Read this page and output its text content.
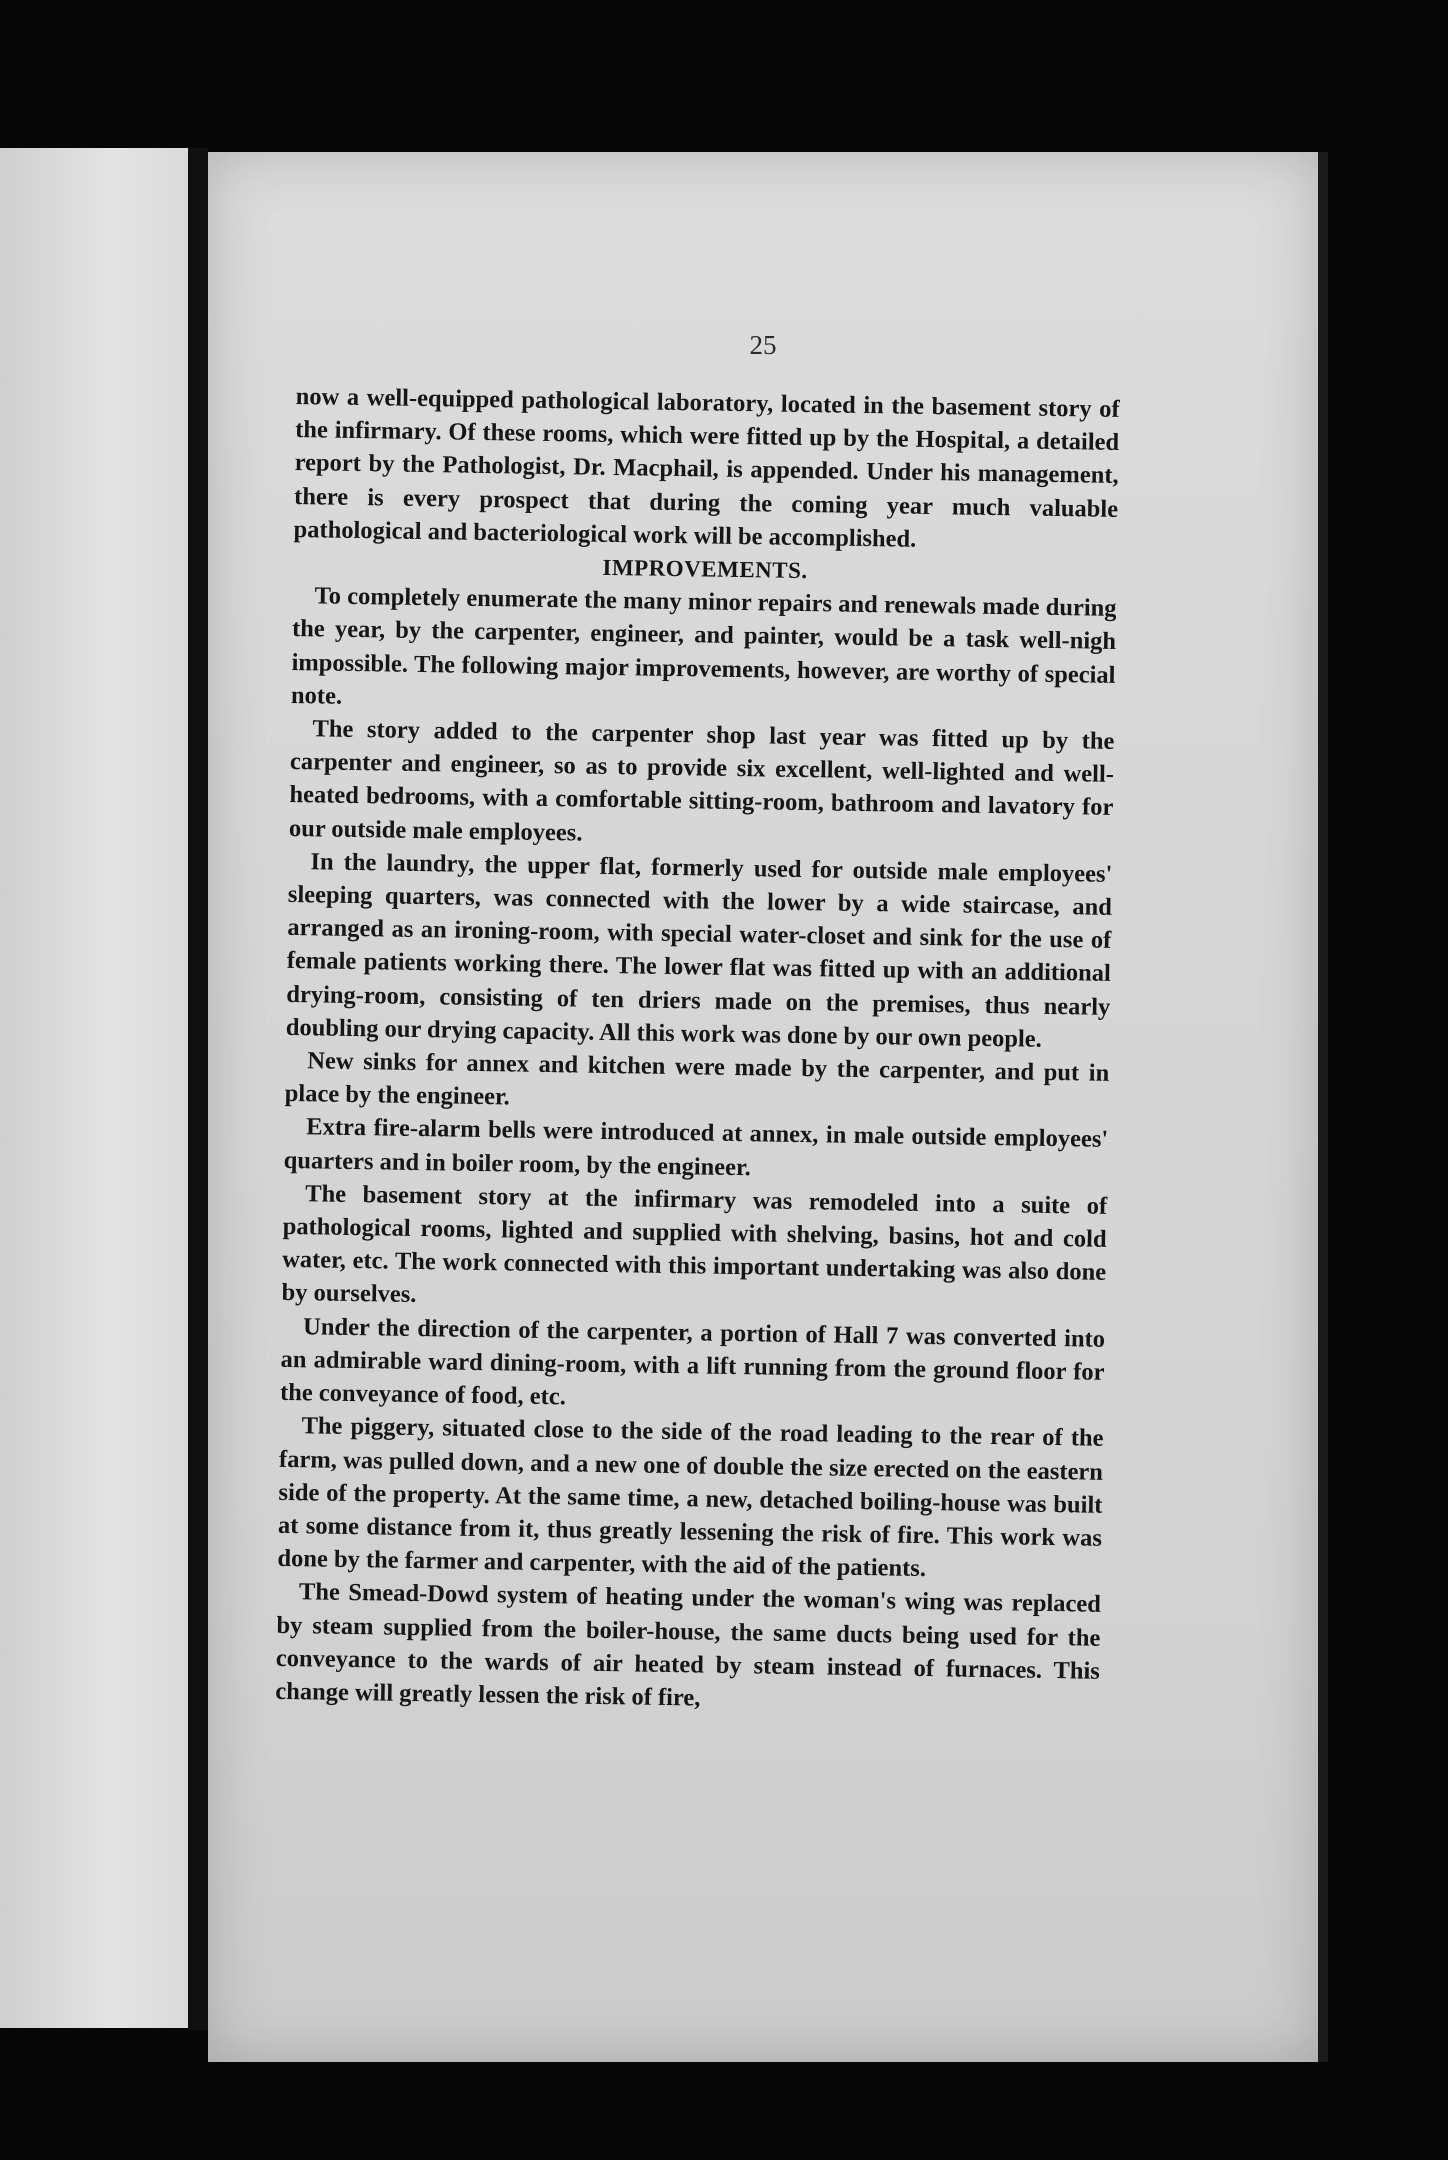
25

now a well-equipped pathological laboratory, located in the basement story of the infirmary. Of these rooms, which were fitted up by the Hospital, a detailed report by the Pathologist, Dr. Macphail, is appended. Under his management, there is every prospect that during the coming year much valuable pathological and bacteriological work will be accomplished.

IMPROVEMENTS.

To completely enumerate the many minor repairs and renewals made during the year, by the carpenter, engineer, and painter, would be a task well-nigh impossible. The following major improvements, however, are worthy of special note.

The story added to the carpenter shop last year was fitted up by the carpenter and engineer, so as to provide six excellent, well-lighted and well-heated bedrooms, with a comfortable sitting-room, bathroom and lavatory for our outside male employees.

In the laundry, the upper flat, formerly used for outside male employees' sleeping quarters, was connected with the lower by a wide staircase, and arranged as an ironing-room, with special water-closet and sink for the use of female patients working there. The lower flat was fitted up with an additional drying-room, consisting of ten driers made on the premises, thus nearly doubling our drying capacity. All this work was done by our own people.

New sinks for annex and kitchen were made by the carpenter, and put in place by the engineer.

Extra fire-alarm bells were introduced at annex, in male outside employees' quarters and in boiler room, by the engineer.

The basement story at the infirmary was remodeled into a suite of pathological rooms, lighted and supplied with shelving, basins, hot and cold water, etc. The work connected with this important undertaking was also done by ourselves.

Under the direction of the carpenter, a portion of Hall 7 was converted into an admirable ward dining-room, with a lift running from the ground floor for the conveyance of food, etc.

The piggery, situated close to the side of the road leading to the rear of the farm, was pulled down, and a new one of double the size erected on the eastern side of the property. At the same time, a new, detached boiling-house was built at some distance from it, thus greatly lessening the risk of fire. This work was done by the farmer and carpenter, with the aid of the patients.

The Smead-Dowd system of heating under the woman's wing was replaced by steam supplied from the boiler-house, the same ducts being used for the conveyance to the wards of air heated by steam instead of furnaces. This change will greatly lessen the risk of fire,
